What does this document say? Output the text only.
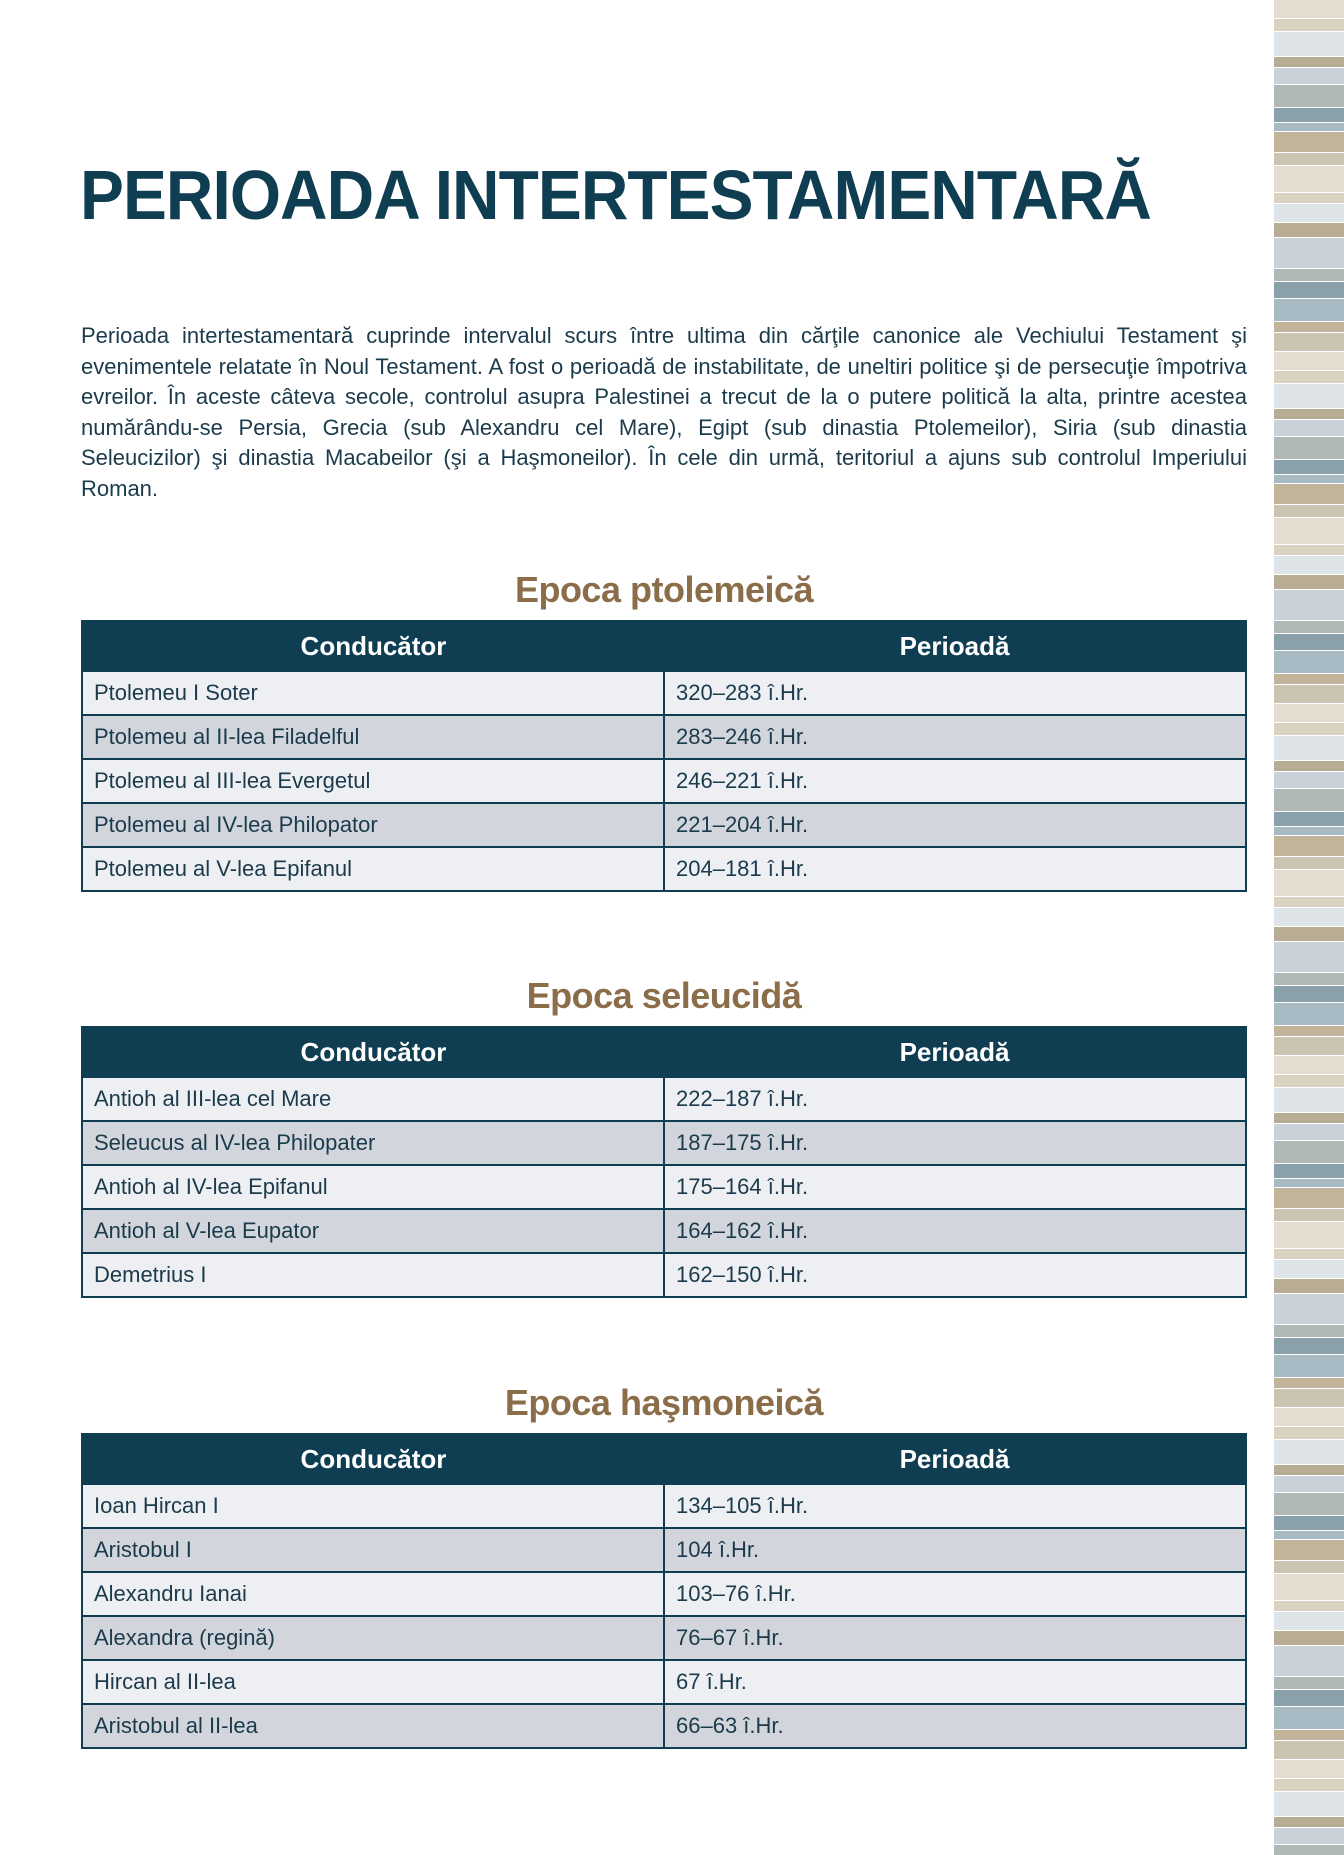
PERIOADA INTERTESTAMENTARĂ

Perioada intertestamentară cuprinde intervalul scurs între ultima din cărţile canonice ale Vechiului Testament şi evenimentele relatate în Noul Testament. A fost o perioadă de instabilitate, de uneltiri politice şi de persecuţie împotriva evreilor. În aceste câteva secole, controlul asupra Palestinei a trecut de la o putere politică la alta, printre acestea numărându-se Persia, Grecia (sub Alexandru cel Mare), Egipt (sub dinastia Ptolemeilor), Siria (sub dinastia Seleucizilor) şi dinastia Macabeilor (şi a Haşmoneilor). În cele din urmă, teritoriul a ajuns sub controlul Imperiului Roman.

Epoca ptolemeică
Conducător	Perioadă
Ptolemeu I Soter	320–283 î.Hr.
Ptolemeu al II-lea Filadelful	283–246 î.Hr.
Ptolemeu al III-lea Evergetul	246–221 î.Hr.
Ptolemeu al IV-lea Philopator	221–204 î.Hr.
Ptolemeu al V-lea Epifanul	204–181 î.Hr.
Epoca seleucidă
Conducător	Perioadă
Antioh al III-lea cel Mare	222–187 î.Hr.
Seleucus al IV-lea Philopater	187–175 î.Hr.
Antioh al IV-lea Epifanul	175–164 î.Hr.
Antioh al V-lea Eupator	164–162 î.Hr.
Demetrius I	162–150 î.Hr.
Epoca haşmoneică
Conducător	Perioadă
Ioan Hircan I	134–105 î.Hr.
Aristobul I	104 î.Hr.
Alexandru Ianai	103–76 î.Hr.
Alexandra (regină)	76–67 î.Hr.
Hircan al II-lea	67 î.Hr.
Aristobul al II-lea	66–63 î.Hr.
